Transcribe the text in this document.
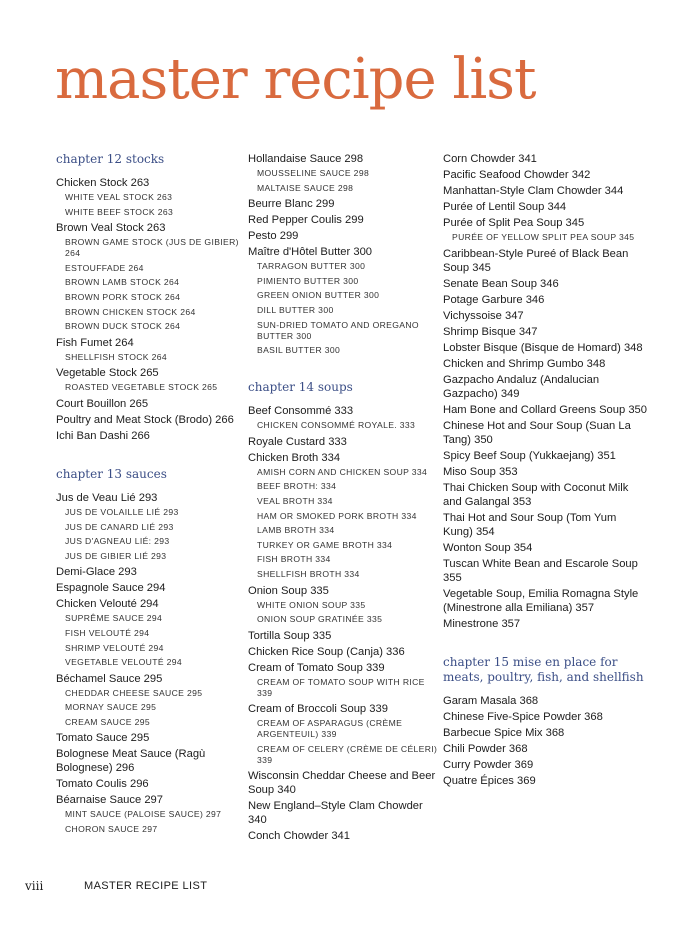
master recipe list
chapter 12 stocks
Chicken Stock 263
WHITE VEAL STOCK 263
WHITE BEEF STOCK 263
Brown Veal Stock 263
BROWN GAME STOCK (JUS DE GIBIER) 264
ESTOUFFADE 264
BROWN LAMB STOCK 264
BROWN PORK STOCK 264
BROWN CHICKEN STOCK 264
BROWN DUCK STOCK 264
Fish Fumet 264
SHELLFISH STOCK 264
Vegetable Stock 265
ROASTED VEGETABLE STOCK 265
Court Bouillon 265
Poultry and Meat Stock (Brodo) 266
Ichi Ban Dashi 266
chapter 13 sauces
Jus de Veau Lié 293
JUS DE VOLAILLE LIÉ 293
JUS DE CANARD LIÉ 293
JUS D'AGNEAU LIÉ: 293
JUS DE GIBIER LIÉ 293
Demi-Glace 293
Espagnole Sauce 294
Chicken Velouté 294
SUPRÊME SAUCE 294
FISH VELOUTÉ 294
SHRIMP VELOUTÉ 294
VEGETABLE VELOUTÉ 294
Béchamel Sauce 295
CHEDDAR CHEESE SAUCE 295
MORNAY SAUCE 295
CREAM SAUCE 295
Tomato Sauce 295
Bolognese Meat Sauce (Ragù Bolognese) 296
Tomato Coulis 296
Béarnaise Sauce 297
MINT SAUCE (PALOISE SAUCE) 297
CHORON SAUCE 297
Hollandaise Sauce 298
MOUSSELINE SAUCE 298
MALTAISE SAUCE 298
Beurre Blanc 299
Red Pepper Coulis 299
Pesto 299
Maître d'Hôtel Butter 300
TARRAGON BUTTER 300
PIMIENTO BUTTER 300
GREEN ONION BUTTER 300
DILL BUTTER 300
SUN-DRIED TOMATO AND OREGANO BUTTER 300
BASIL BUTTER 300
chapter 14 soups
Beef Consommé 333
CHICKEN CONSOMMÉ ROYALE. 333
Royale Custard 333
Chicken Broth 334
AMISH CORN AND CHICKEN SOUP 334
BEEF BROTH: 334
VEAL BROTH 334
HAM OR SMOKED PORK BROTH 334
LAMB BROTH 334
TURKEY OR GAME BROTH 334
FISH BROTH 334
SHELLFISH BROTH 334
Onion Soup 335
WHITE ONION SOUP 335
ONION SOUP GRATINÉE 335
Tortilla Soup 335
Chicken Rice Soup (Canja) 336
Cream of Tomato Soup 339
CREAM OF TOMATO SOUP WITH RICE 339
Cream of Broccoli Soup 339
CREAM OF ASPARAGUS (CRÈME ARGENTEUIL) 339
CREAM OF CELERY (CRÈME DE CÉLERI) 339
Wisconsin Cheddar Cheese and Beer Soup 340
New England–Style Clam Chowder 340
Conch Chowder 341
Corn Chowder 341
Pacific Seafood Chowder 342
Manhattan-Style Clam Chowder 344
Purée of Lentil Soup 344
Purée of Split Pea Soup 345
PURÉE OF YELLOW SPLIT PEA SOUP 345
Caribbean-Style Pureé of Black Bean Soup 345
Senate Bean Soup 346
Potage Garbure 346
Vichyssoise 347
Shrimp Bisque 347
Lobster Bisque (Bisque de Homard) 348
Chicken and Shrimp Gumbo 348
Gazpacho Andaluz (Andalucian Gazpacho) 349
Ham Bone and Collard Greens Soup 350
Chinese Hot and Sour Soup (Suan La Tang) 350
Spicy Beef Soup (Yukkaejang) 351
Miso Soup 353
Thai Chicken Soup with Coconut Milk and Galangal 353
Thai Hot and Sour Soup (Tom Yum Kung) 354
Wonton Soup 354
Tuscan White Bean and Escarole Soup 355
Vegetable Soup, Emilia Romagna Style (Minestrone alla Emiliana) 357
Minestrone 357
chapter 15 mise en place for meats, poultry, fish, and shellfish
Garam Masala 368
Chinese Five-Spice Powder 368
Barbecue Spice Mix 368
Chili Powder 368
Curry Powder 369
Quatre Épices 369
viii	MASTER RECIPE LIST
